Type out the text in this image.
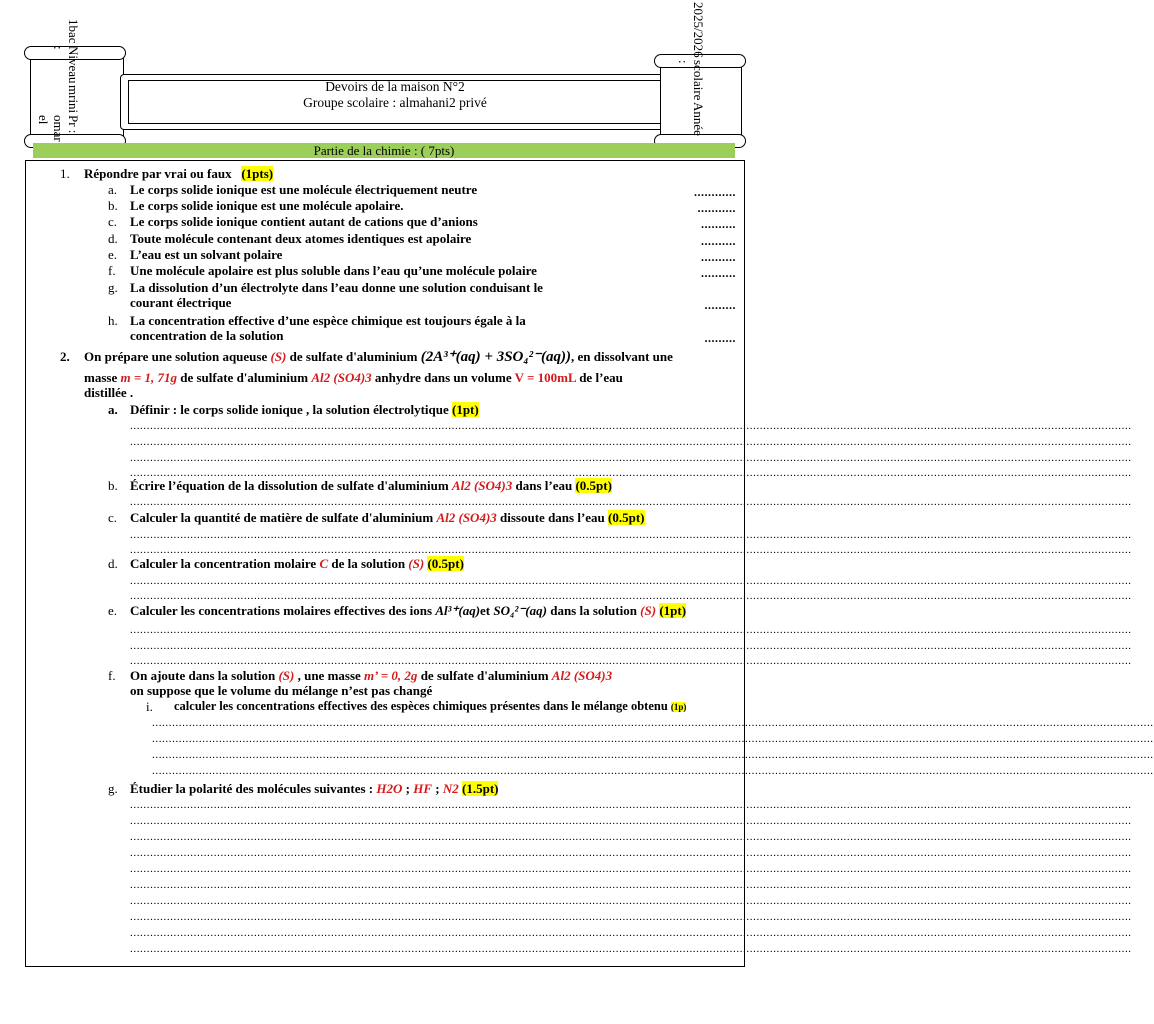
Pr : omar el
mrini
Niveau :
1bac
Devoirs de la maison N°2
Groupe scolaire : almahani2 privé	Année
scolaire :
2025/2026
Partie de la chimie : ( 7pts)
1. Répondre par vrai ou faux (1pts)
a. Le corps solide ionique est une molécule électriquement neutre	............
b. Le corps solide ionique est une molécule apolaire.	...........
c. Le corps solide ionique contient autant de cations que d’anions	..........
d. Toute molécule contenant deux atomes identiques est apolaire	..........
e. L’eau est un solvant polaire	..........
f. Une molécule apolaire est plus soluble dans l’eau qu’une molécule polaire	..........
g. La dissolution d’un électrolyte dans l’eau donne une solution conduisant le
courant électrique	.........
h. La concentration effective d’une espèce chimique est toujours égale à la
concentration de la solution	.........
2. On prépare une solution aqueuse (S) de sulfate d'aluminium (2A³⁺(aq) + 3SO₄²⁻(aq)), en dissolvant une
masse m = 1, 71g de sulfate d'aluminium Al2 (SO4)3 anhydre dans un volume V = 100mL de l’eau
distillée .
a. Définir : le corps solide ionique , la solution électrolytique (1pt)
b. Écrire l’équation de la dissolution de sulfate d'aluminium Al2 (SO4)3 dans l’eau (0.5pt)
c. Calculer la quantité de matière de sulfate d'aluminium Al2 (SO4)3 dissoute dans l’eau (0.5pt)
d. Calculer la concentration molaire C de la solution (S) (0.5pt)
e. Calculer les concentrations molaires effectives des ions Al³⁺(aq)et SO₄²⁻(aq) dans la solution (S) (1pt)
f. On ajoute dans la solution (S) , une masse m’ = 0, 2g de sulfate d'aluminium Al2 (SO4)3
on suppose que le volume du mélange n’est pas changé
i. calculer les concentrations effectives des espèces chimiques présentes dans le mélange obtenu (1p)
g. Étudier la polarité des molécules suivantes : H2O ; HF ; N2 (1.5pt)
...........................................................................................................................................................................................................................................................................................................
...........................................................................................................................................................................................................................................................................................................
...........................................................................................................................................................................................................................................................................................................
...........................................................................................................................................................................................................................................................................................................
...........................................................................................................................................................................................................................................................................................................
...........................................................................................................................................................................................................................................................................................................
...........................................................................................................................................................................................................................................................................................................
...........................................................................................................................................................................................................................................................................................................
...........................................................................................................................................................................................................................................................................................................
...........................................................................................................................................................................................................................................................................................................
...........................................................................................................................................................................................................................................................................................................
...........................................................................................................................................................................................................................................................................................................
...........................................................................................................................................................................................................................................................................................................
...........................................................................................................................................................................................................................................................................................................
...........................................................................................................................................................................................................................................................................................................
...........................................................................................................................................................................................................................................................................................................
...........................................................................................................................................................................................................................................................................................................
...........................................................................................................................................................................................................................................................................................................
...........................................................................................................................................................................................................................................................................................................
...........................................................................................................................................................................................................................................................................................................
...........................................................................................................................................................................................................................................................................................................
...........................................................................................................................................................................................................................................................................................................
...........................................................................................................................................................................................................................................................................................................
...........................................................................................................................................................................................................................................................................................................
...........................................................................................................................................................................................................................................................................................................
...........................................................................................................................................................................................................................................................................................................
